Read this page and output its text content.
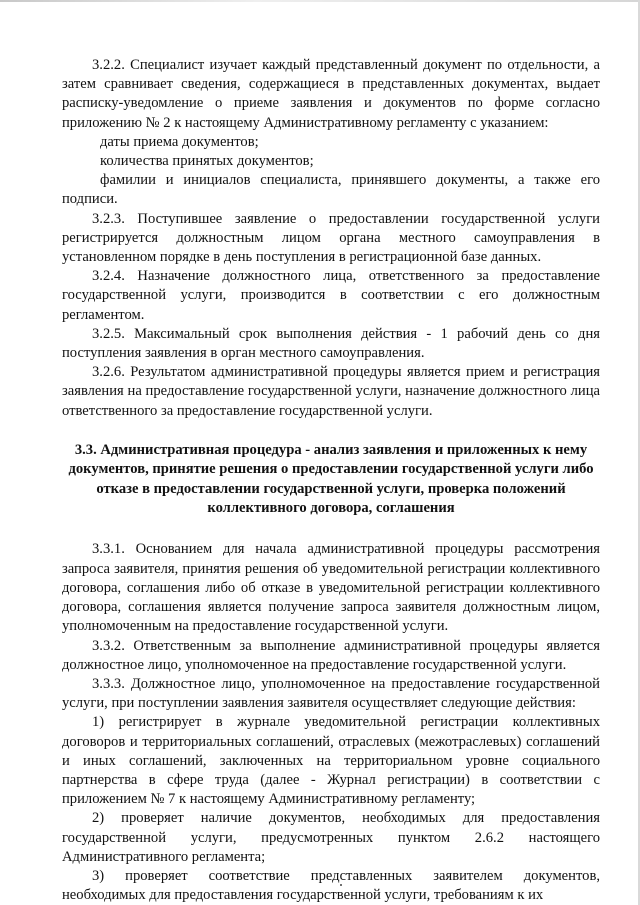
3.2.2. Специалист изучает каждый представленный документ по отдельности, а затем сравнивает сведения, содержащиеся в представленных документах, выдает расписку-уведомление о приеме заявления и документов по форме согласно приложению № 2 к настоящему Административному регламенту с указанием:

даты приема документов;

количества принятых документов;

фамилии и инициалов специалиста, принявшего документы, а также его подписи.

3.2.3. Поступившее заявление о предоставлении государственной услуги регистрируется должностным лицом органа местного самоуправления в установленном порядке в день поступления в регистрационной базе данных.

3.2.4. Назначение должностного лица, ответственного за предоставление государственной услуги, производится в соответствии с его должностным регламентом.

3.2.5. Максимальный срок выполнения действия - 1 рабочий день со дня поступления заявления в орган местного самоуправления.

3.2.6. Результатом административной процедуры является прием и регистрация заявления на предоставление государственной услуги, назначение должностного лица ответственного за предоставление государственной услуги.

3.3. Административная процедура - анализ заявления и приложенных к нему документов, принятие решения о предоставлении государственной услуги либо отказе в предоставлении государственной услуги, проверка положений коллективного договора, соглашения

3.3.1. Основанием для начала административной процедуры рассмотрения запроса заявителя, принятия решения об уведомительной регистрации коллективного договора, соглашения либо об отказе в уведомительной регистрации коллективного договора, соглашения является получение запроса заявителя должностным лицом, уполномоченным на предоставление государственной услуги.

3.3.2. Ответственным за выполнение административной процедуры является должностное лицо, уполномоченное на предоставление государственной услуги.

3.3.3. Должностное лицо, уполномоченное на предоставление государственной услуги, при поступлении заявления заявителя осуществляет следующие действия:

1) регистрирует в журнале уведомительной регистрации коллективных договоров и территориальных соглашений, отраслевых (межотраслевых) соглашений и иных соглашений, заключенных на территориальном уровне социального партнерства в сфере труда (далее - Журнал регистрации) в соответствии с приложением № 7 к настоящему Административному регламенту;

2) проверяет наличие документов, необходимых для предоставления государственной услуги, предусмотренных пунктом 2.6.2 настоящего Административного регламента;

3) проверяет соответствие представленных заявителем документов, необходимых для предоставления государственной услуги, требованиям к их
